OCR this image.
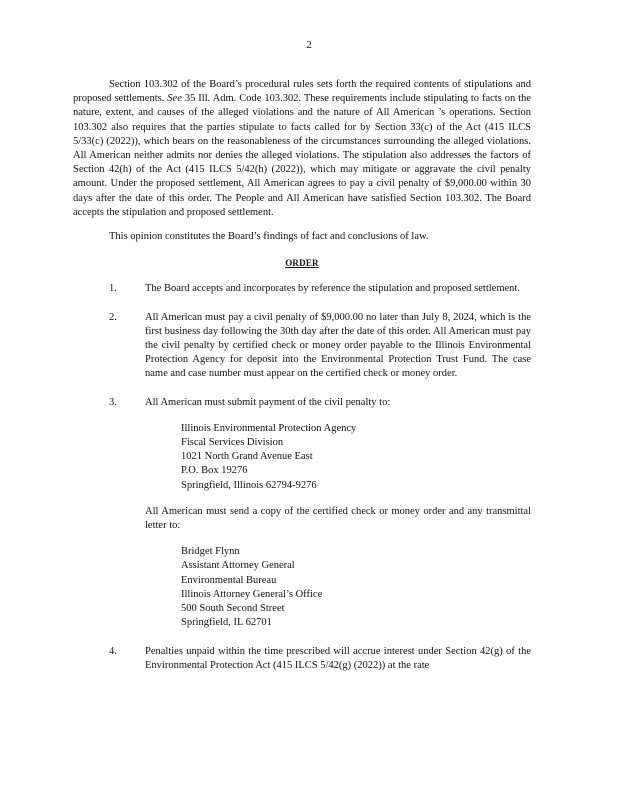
2

Section 103.302 of the Board’s procedural rules sets forth the required contents of stipulations and proposed settlements. See 35 Ill. Adm. Code 103.302. These requirements include stipulating to facts on the nature, extent, and causes of the alleged violations and the nature of All American ’s operations. Section 103.302 also requires that the parties stipulate to facts called for by Section 33(c) of the Act (415 ILCS 5/33(c) (2022)), which bears on the reasonableness of the circumstances surrounding the alleged violations. All American neither admits nor denies the alleged violations. The stipulation also addresses the factors of Section 42(h) of the Act (415 ILCS 5/42(h) (2022)), which may mitigate or aggravate the civil penalty amount. Under the proposed settlement, All American agrees to pay a civil penalty of $9,000.00 within 30 days after the date of this order. The People and All American have satisfied Section 103.302. The Board accepts the stipulation and proposed settlement.

This opinion constitutes the Board’s findings of fact and conclusions of law.

ORDER
1.	The Board accepts and incorporates by reference the stipulation and proposed settlement.
2.	All American must pay a civil penalty of $9,000.00 no later than July 8, 2024, which is the first business day following the 30th day after the date of this order. All American must pay the civil penalty by certified check or money order payable to the Illinois Environmental Protection Agency for deposit into the Environmental Protection Trust Fund. The case name and case number must appear on the certified check or money order.
3.	All American must submit payment of the civil penalty to:
Illinois Environmental Protection Agency
Fiscal Services Division
1021 North Grand Avenue East
P.O. Box 19276
Springfield, Illinois 62794-9276
All American must send a copy of the certified check or money order and any transmittal letter to:
Bridget Flynn
Assistant Attorney General
Environmental Bureau
Illinois Attorney General’s Office
500 South Second Street
Springfield, IL 62701
4.	Penalties unpaid within the time prescribed will accrue interest under Section 42(g) of the Environmental Protection Act (415 ILCS 5/42(g) (2022)) at the rate
